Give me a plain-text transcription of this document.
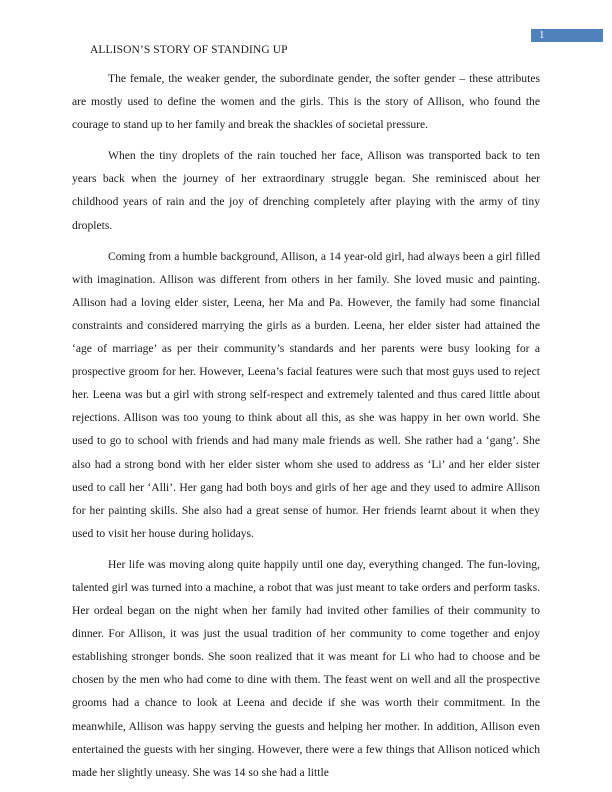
1
ALLISON’S STORY OF STANDING UP

The female, the weaker gender, the subordinate gender, the softer gender – these attributes are mostly used to define the women and the girls. This is the story of Allison, who found the courage to stand up to her family and break the shackles of societal pressure.

When the tiny droplets of the rain touched her face, Allison was transported back to ten years back when the journey of her extraordinary struggle began. She reminisced about her childhood years of rain and the joy of drenching completely after playing with the army of tiny droplets.

Coming from a humble background, Allison, a 14 year-old girl, had always been a girl filled with imagination. Allison was different from others in her family. She loved music and painting. Allison had a loving elder sister, Leena, her Ma and Pa. However, the family had some financial constraints and considered marrying the girls as a burden. Leena, her elder sister had attained the ‘age of marriage’ as per their community’s standards and her parents were busy looking for a prospective groom for her. However, Leena’s facial features were such that most guys used to reject her. Leena was but a girl with strong self-respect and extremely talented and thus cared little about rejections. Allison was too young to think about all this, as she was happy in her own world. She used to go to school with friends and had many male friends as well. She rather had a ‘gang’. She also had a strong bond with her elder sister whom she used to address as ‘Li’ and her elder sister used to call her ‘Alli’. Her gang had both boys and girls of her age and they used to admire Allison for her painting skills. She also had a great sense of humor. Her friends learnt about it when they used to visit her house during holidays.

Her life was moving along quite happily until one day, everything changed. The fun-loving, talented girl was turned into a machine, a robot that was just meant to take orders and perform tasks. Her ordeal began on the night when her family had invited other families of their community to dinner. For Allison, it was just the usual tradition of her community to come together and enjoy establishing stronger bonds. She soon realized that it was meant for Li who had to choose and be chosen by the men who had come to dine with them. The feast went on well and all the prospective grooms had a chance to look at Leena and decide if she was worth their commitment. In the meanwhile, Allison was happy serving the guests and helping her mother. In addition, Allison even entertained the guests with her singing. However, there were a few things that Allison noticed which made her slightly uneasy. She was 14 so she had a little
